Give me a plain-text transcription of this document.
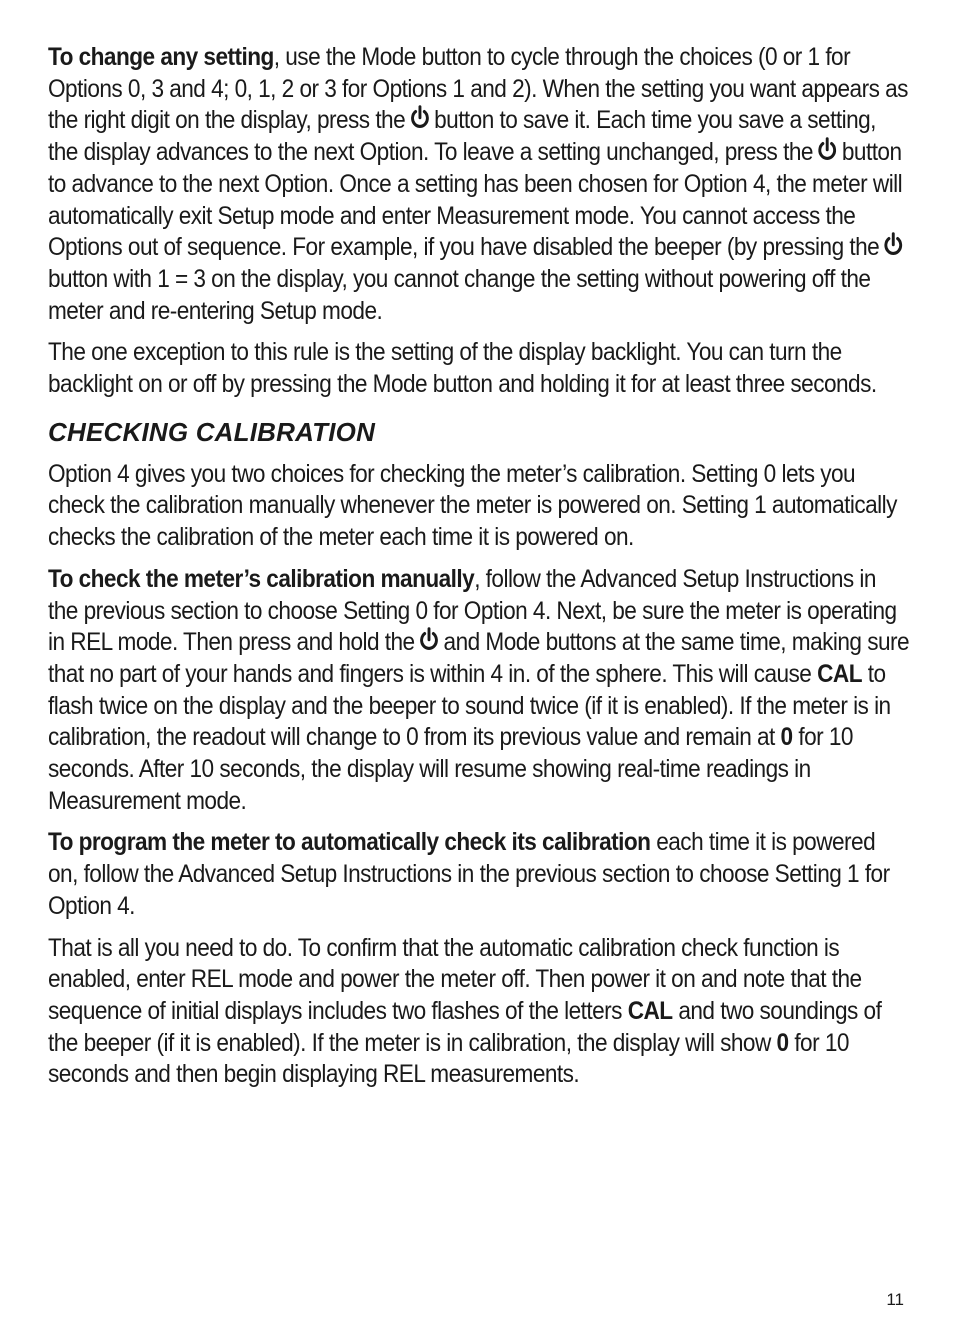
To change any setting, use the Mode button to cycle through the choices (0 or 1 for Options 0, 3 and 4; 0, 1, 2 or 3 for Options 1 and 2). When the setting you want appears as the right digit on the display, press the button to save it. Each time you save a setting, the display advances to the next Option. To leave a setting unchanged, press the button to advance to the next Option. Once a setting has been chosen for Option 4, the meter will automatically exit Setup mode and enter Measurement mode. You cannot access the Options out of sequence. For example, if you have disabled the beeper (by pressing the
button with 1 = 3 on the display, you cannot change the setting without powering off the meter and re-entering Setup mode.

The one exception to this rule is the setting of the display backlight. You can turn the backlight on or off by pressing the Mode button and holding it for at least three seconds.

CHECKING CALIBRATION

Option 4 gives you two choices for checking the meter’s calibration. Setting 0 lets you check the calibration manually whenever the meter is powered on. Setting 1 automatically checks the calibration of the meter each time it is powered on.

To check the meter’s calibration manually, follow the Advanced Setup Instructions in the previous section to choose Setting 0 for Option 4. Next, be sure the meter is operating in REL mode. Then press and hold the and Mode buttons at the same time, making sure that no part of your hands and fingers is within 4 in. of the sphere. This will cause CAL to flash twice on the display and the beeper to sound twice (if it is enabled). If the meter is in calibration, the readout will change to 0 from its previous value and remain at 0 for 10 seconds. After 10 seconds, the display will resume showing real-time readings in Measurement mode.

To program the meter to automatically check its calibration each time it is powered on, follow the Advanced Setup Instructions in the previous section to choose Setting 1 for Option 4.

That is all you need to do. To confirm that the automatic calibration check function is enabled, enter REL mode and power the meter off. Then power it on and note that the sequence of initial displays includes two flashes of the letters CAL and two soundings of the beeper (if it is enabled). If the meter is in calibration, the display will show 0 for 10 seconds and then begin displaying REL measurements.

11
